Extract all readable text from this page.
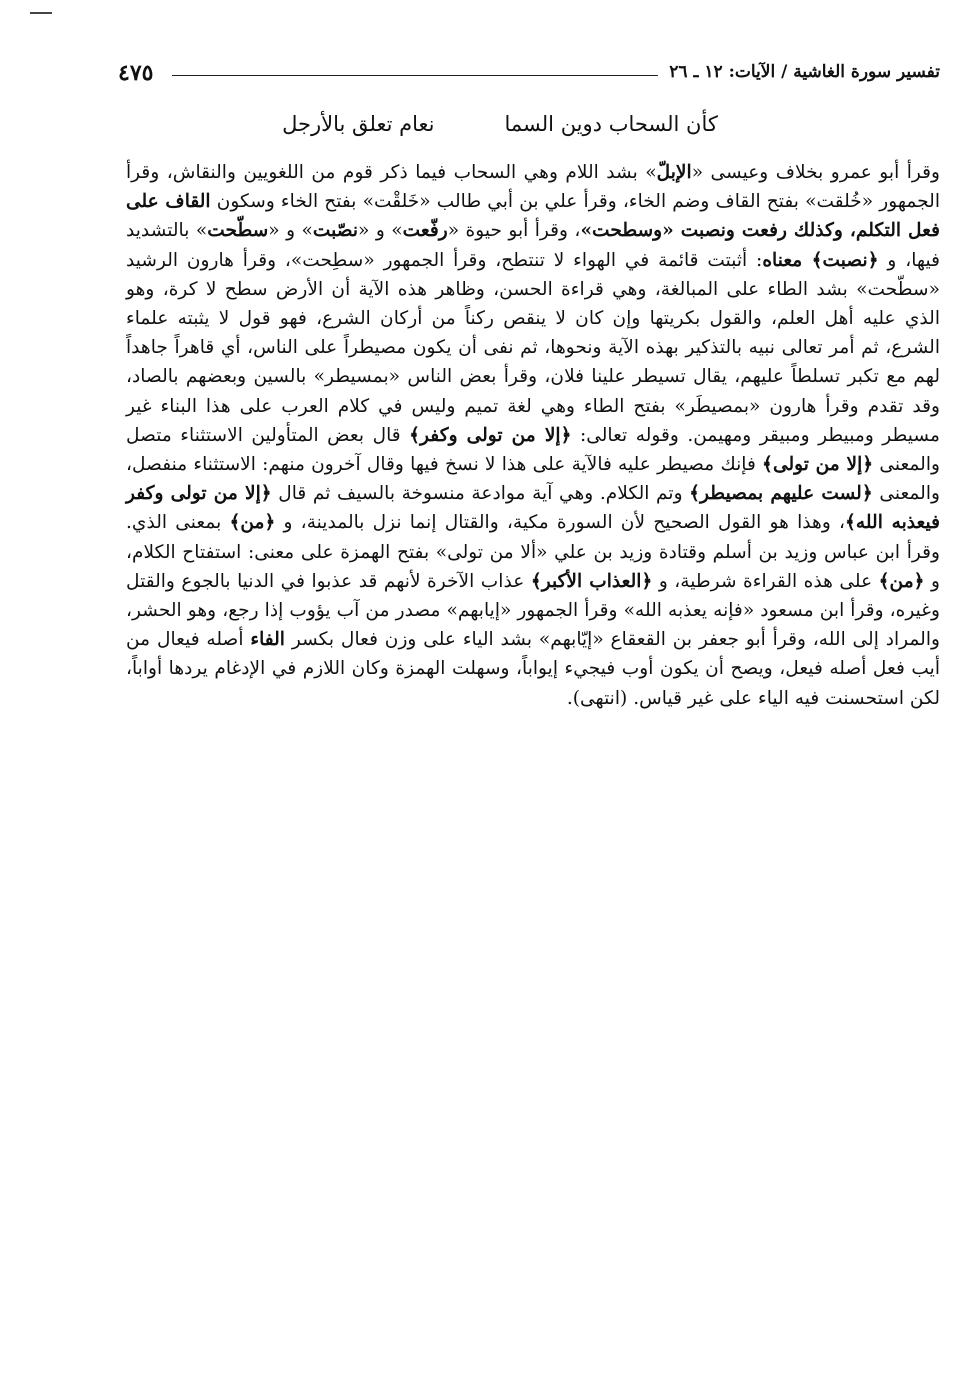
٤٧٥	تفسير سورة الغاشية / الآيات: ١٢ ـ ٢٦
كأن السحاب دوين السمانعام تعلق بالأرجل

وقرأ أبو عمرو بخلاف وعيسى «الإبلّ» بشد اللام وهي السحاب فيما ذكر قوم من اللغويين والنقاش، وقرأ الجمهور «خُلقت» بفتح القاف وضم الخاء، وقرأ علي بن أبي طالب «خَلقْت» بفتح الخاء وسكون القاف على فعل التكلم، وكذلك رفعت ونصبت «وسطحت»، وقرأ أبو حيوة «رفّعت» و «نصّبت» و «سطّحت» بالتشديد فيها، و ﴿نصبت﴾ معناه: أثبتت قائمة في الهواء لا تنتطح، وقرأ الجمهور «سطِحت»، وقرأ هارون الرشيد «سطّحت» بشد الطاء على المبالغة، وهي قراءة الحسن، وظاهر هذه الآية أن الأرض سطح لا كرة، وهو الذي عليه أهل العلم، والقول بكريتها وإن كان لا ينقص ركناً من أركان الشرع، فهو قول لا يثبته علماء الشرع، ثم أمر تعالى نبيه بالتذكير بهذه الآية ونحوها، ثم نفى أن يكون مصيطراً على الناس، أي قاهراً جاهداً لهم مع تكبر تسلطاً عليهم، يقال تسيطر علينا فلان، وقرأ بعض الناس «بمسيطر» بالسين وبعضهم بالصاد، وقد تقدم وقرأ هارون «بمصيطَر» بفتح الطاء وهي لغة تميم وليس في كلام العرب على هذا البناء غير مسيطر ومبيطر ومبيقر ومهيمن. وقوله تعالى: ﴿إلا من تولى وكفر﴾ قال بعض المتأولين الاستثناء متصل والمعنى ﴿إلا من تولى﴾ فإنك مصيطر عليه فالآية على هذا لا نسخ فيها وقال آخرون منهم: الاستثناء منفصل، والمعنى ﴿لست عليهم بمصيطر﴾ وتم الكلام. وهي آية موادعة منسوخة بالسيف ثم قال ﴿إلا من تولى وكفر فيعذبه الله﴾، وهذا هو القول الصحيح لأن السورة مكية، والقتال إنما نزل بالمدينة، و ﴿من﴾ بمعنى الذي. وقرأ ابن عباس وزيد بن أسلم وقتادة وزيد بن علي «ألا من تولى» بفتح الهمزة على معنى: استفتاح الكلام، و ﴿من﴾ على هذه القراءة شرطية، و ﴿العذاب الأكبر﴾ عذاب الآخرة لأنهم قد عذبوا في الدنيا بالجوع والقتل وغيره، وقرأ ابن مسعود «فإنه يعذبه الله» وقرأ الجمهور «إيابهم» مصدر من آب يؤوب إذا رجع، وهو الحشر، والمراد إلى الله، وقرأ أبو جعفر بن القعقاع «إيّابهم» بشد الياء على وزن فعال بكسر الفاء أصله فيعال من أيب فعل أصله فيعل، ويصح أن يكون أوب فيجيء إيواباً، وسهلت الهمزة وكان اللازم في الإدغام يردها أواباً، لكن استحسنت فيه الياء على غير قياس. (انتهى).
